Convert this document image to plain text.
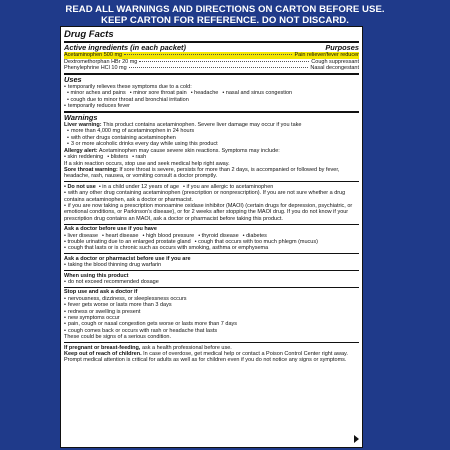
READ ALL WARNINGS AND DIRECTIONS ON CARTON BEFORE USE.
KEEP CARTON FOR REFERENCE. DO NOT DISCARD.
Drug Facts
Active ingredients (in each packet)	Purposes
Acetaminophen 500 mg	Pain reliever/fever reducer
Dextromethorphan HBr 20 mg	Cough suppressant
Phenylephrine HCl 10 mg	Nasal decongestant
Uses
• temporarily relieves these symptoms due to a cold:
• minor aches and pains • minor sore throat pain • headache • nasal and sinus congestion
• cough due to minor throat and bronchial irritation
• temporarily reduces fever
Warnings
Liver warning: This product contains acetaminophen. Severe liver damage may occur if you take
• more than 4,000 mg of acetaminophen in 24 hours
• with other drugs containing acetaminophen
• 3 or more alcoholic drinks every day while using this product
Allergy alert: Acetaminophen may cause severe skin reactions. Symptoms may include:
• skin reddening • blisters • rash
If a skin reaction occurs, stop use and seek medical help right away.
Sore throat warning: If sore throat is severe, persists for more than 2 days, is accompanied or followed by fever, headache, rash, nausea, or vomiting consult a doctor promptly.
• Do not use • in a child under 12 years of age • if you are allergic to acetaminophen
• with any other drug containing acetaminophen (prescription or nonprescription). If you are not sure whether a drug contains acetaminophen, ask a doctor or pharmacist.
• if you are now taking a prescription monoamine oxidase inhibitor (MAOI) (certain drugs for depression, psychiatric, or emotional conditions, or Parkinson's disease), or for 2 weeks after stopping the MAOI drug. If you do not know if your prescription drug contains an MAOI, ask a doctor or pharmacist before taking this product.
Ask a doctor before use if you have
• liver disease • heart disease • high blood pressure • thyroid disease • diabetes
• trouble urinating due to an enlarged prostate gland • cough that occurs with too much phlegm (mucus)
• cough that lasts or is chronic such as occurs with smoking, asthma or emphysema
Ask a doctor or pharmacist before use if you are
• taking the blood thinning drug warfarin
When using this product
• do not exceed recommended dosage
Stop use and ask a doctor if
• nervousness, dizziness, or sleeplessness occurs
• fever gets worse or lasts more than 3 days
• redness or swelling is present
• new symptoms occur
• pain, cough or nasal congestion gets worse or lasts more than 7 days
• cough comes back or occurs with rash or headache that lasts
These could be signs of a serious condition.
If pregnant or breast-feeding, ask a health professional before use.
Keep out of reach of children. In case of overdose, get medical help or contact a Poison Control Center right away. Prompt medical attention is critical for adults as well as for children even if you do not notice any signs or symptoms.
